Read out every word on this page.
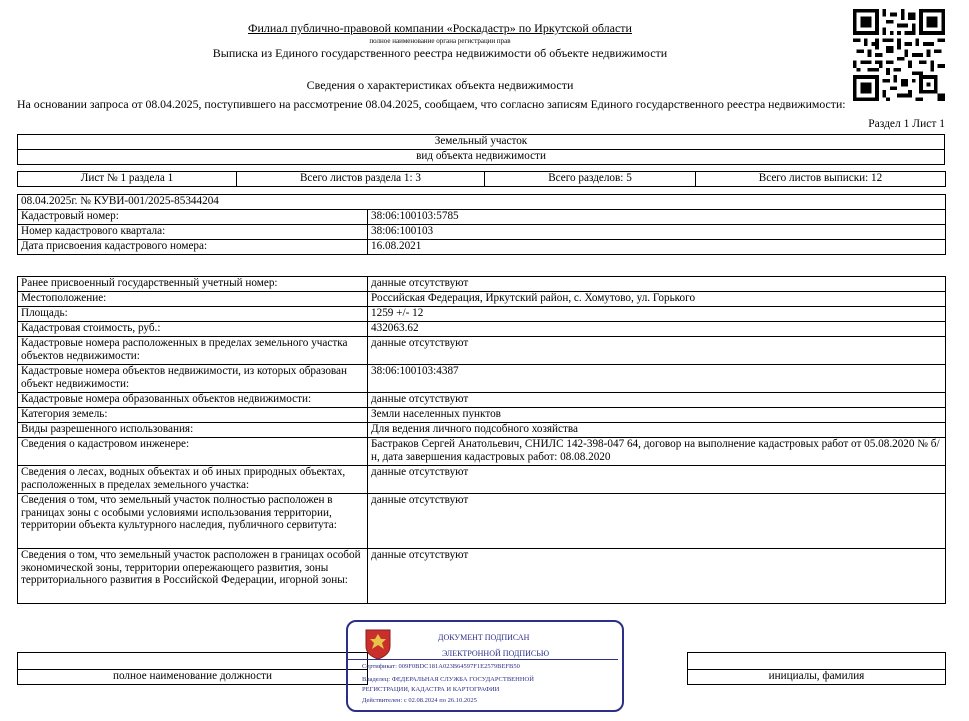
Филиал публично-правовой компании «Роскадастр» по Иркутской области
полное наименование органа регистрации прав
Выписка из Единого государственного реестра недвижимости об объекте недвижимости
Сведения о характеристиках объекта недвижимости
На основании запроса от 08.04.2025, поступившего на рассмотрение 08.04.2025, сообщаем, что согласно записям Единого государственного реестра недвижимости:
Раздел 1 Лист 1
Земельный участок
вид объекта недвижимости
Лист № 1 раздела 1	Всего листов раздела 1: 3	Всего разделов: 5	Всего листов выписки: 12
08.04.2025г. № КУВИ-001/2025-85344204	
Кадастровый номер:	38:06:100103:5785
Номер кадастрового квартала:	38:06:100103
Дата присвоения кадастрового номера:	16.08.2021
Ранее присвоенный государственный учетный номер:	данные отсутствуют
Местоположение:	Российская Федерация, Иркутский район, с. Хомутово, ул. Горького
Площадь:	1259 +/- 12
Кадастровая стоимость, руб.:	432063.62
Кадастровые номера расположенных в пределах земельного участка объектов недвижимости:	данные отсутствуют
Кадастровые номера объектов недвижимости, из которых образован объект недвижимости:	38:06:100103:4387
Кадастровые номера образованных объектов недвижимости:	данные отсутствуют
Категория земель:	Земли населенных пунктов
Виды разрешенного использования:	Для ведения личного подсобного хозяйства
Сведения о кадастровом инженере:	Бастраков Сергей Анатольевич, СНИЛС 142-398-047 64, договор на выполнение кадастровых работ от 05.08.2020 № б/н, дата завершения кадастровых работ: 08.08.2020
Сведения о лесах, водных объектах и об иных природных объектах, расположенных в пределах земельного участка:	данные отсутствуют
Сведения о том, что земельный участок полностью расположен в границах зоны с особыми условиями использования территории, территории объекта культурного наследия, публичного сервитута:	данные отсутствуют
Сведения о том, что земельный участок расположен в границах особой экономической зоны, территории опережающего развития, зоны территориального развития в Российской Федерации, игорной зоны:	данные отсутствуют

полное наименование должности		инициалы, фамилия
ДОКУМЕНТ ПОДПИСАН
ЭЛЕКТРОННОЙ ПОДПИСЬЮ
Сертификат: 009F0BDC181A023B64597F1E2579BEFB50
Владелец: ФЕДЕРАЛЬНАЯ СЛУЖБА ГОСУДАРСТВЕННОЙ
РЕГИСТРАЦИИ, КАДАСТРА И КАРТОГРАФИИ
Действителен: с 02.08.2024 по 26.10.2025
